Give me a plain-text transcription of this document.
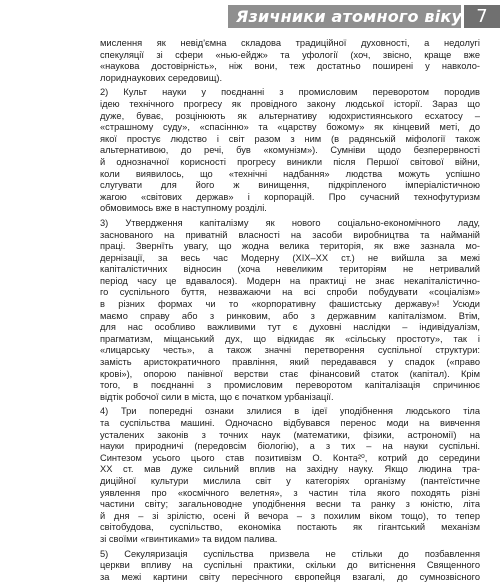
Язичники атомного віку 7
мислення як невід'ємна складова традиційної духовності, а недолугі
спекуляції зі сфери «нью-ейдж» та уфології (хоч, звісно, краще вже
«наукова достовірність», ніж вони, теж достатньо поширені у навколо-
лориднаукових середовищ).
2) Культ науки у поєднанні з промисловим переворотом породив
ідею технічного прогресу як провідного закону людської історії. Зараз що
дуже, буває, розцінюють як альтернативу юдохристиянського есхатосу –
«страшному суду», «спасінню» та «царству божому» як кінцевий меті, до
якої простує людство і світ разом з ним (в радянській міфології також
альтернативою, до речі, був «комунізм»). Сумніви щодо безперервності
й однозначної корисності прогресу виникли після Першої світової війни,
коли виявилось, що «технічні надбання» людства можуть успішно
слугувати для його ж винищення, підкріпленого імперіалістичною
жагою «світових держав» і корпорацій. Про сучасний технофутуризм
обмовимось вже в наступному розділі.
3) Утвердження капіталізму як нового соціально-економічного ладу,
заснованого на приватній власності на засоби виробництва та найманій
праці. Звернїть увагу, що жодна велика територія, як вже зазнала мо-
дернізації, за весь час Модерну (ХІХ–ХХ ст.) не вийшла за межі
капіталістичних відносин (хоча невеликим територіям не нетривалий
період часу це вдавалося). Модерн на практиці не знає некапіталістично-
го суспільного буття, незважаючи на всі спроби побудувати «соціалізм»
в різних формах чи то «корпоративну фашистську державу»! Усюди
маємо справу або з ринковим, або з державним капіталізмом. Втім,
для нас особливо важливими тут є духовні наслідки – індивідуалізм,
прагматизм, міщанський дух, що відкидає як «сільську простоту», так і
«лицарську честь», а також значні перетворення суспільної структури:
замість аристократичного правління, який передавався у спадок («право
крові»), опорою панівної верстви стає фінансовий статок (капітал). Крім
того, в поєднанні з промисловим переворотом капіталізація спричинює
відтік робочої сили в міста, що є початком урбанізації.
4) Три попередні ознаки злилися в ідеї уподібнення людського тіла
та суспільства машині. Одночасно відбувався перенос моди на вивчення
усталених законів з точних наук (математики, фізики, астрономії) на
науки природничі (передовсім біологію), а з тих – на науки суспільні.
Синтезом усього цього став позитивізм О. Конта²⁰, котрий до середини
ХХ ст. мав дуже сильний вплив на західну науку. Якщо людина тра-
диційної культури мислила світ у категоріях організму (пантеїстичне
уявлення про «космічного велетня», з частин тіла якого походять різні
частини світу; загальноводне уподібнення весни та ранку з юністю, літа
й дня – зі зрілістю, осені й вечора – з похилим віком тощо), то тепер
світобудова, суспільство, економіка постають як гігантський механізм
зі своїми «гвинтиками» та видом палива.
5) Секуляризація суспільства призвела не стільки до позбавлення
церкви впливу на суспільні практики, скільки до витіснення Священного
за межі картини світу пересічного європейця взагалі, до сумнозвісного
